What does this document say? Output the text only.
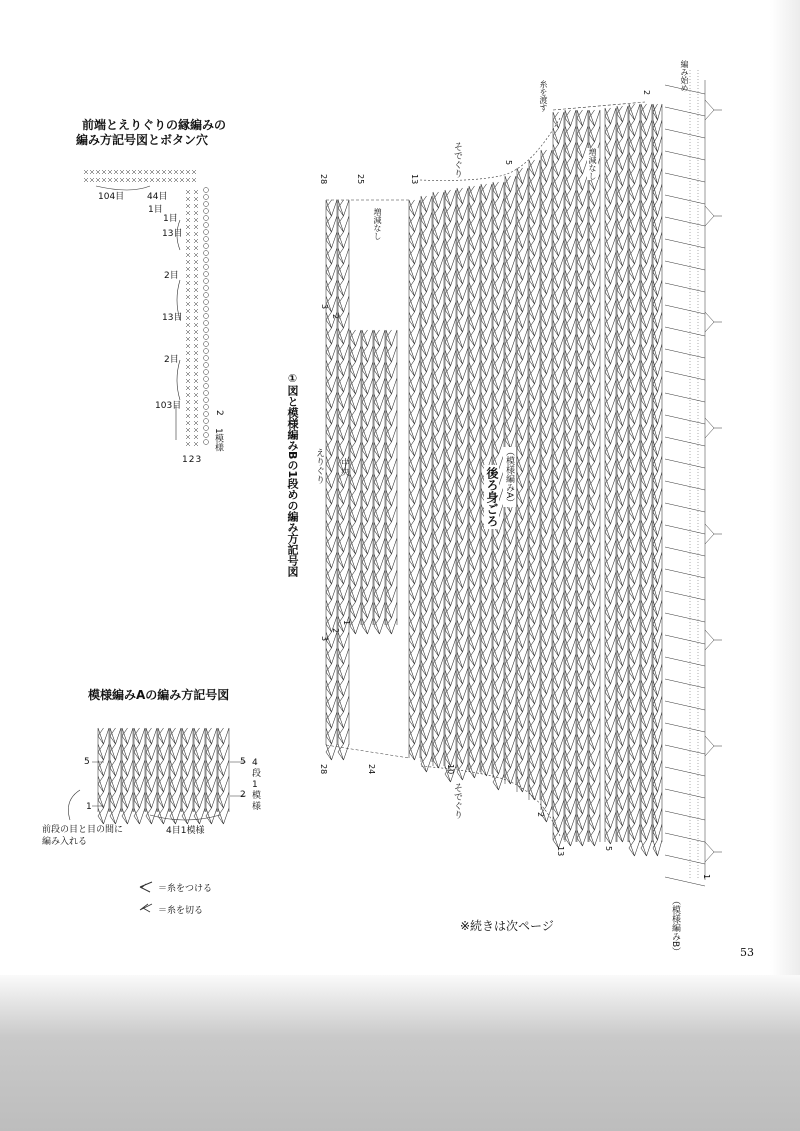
前端とえりぐりの縁編みの
編み方記号図とボタン穴
104目	44目
1目
1目
13目
2目
13目
2目
103目
2
1模様
123
模様編みAの編み方記号図
5	5
2
1
4段1模様
前段の目と目の間に
編み入れる
4目1模様
＝糸をつける
＝糸を切る
①図と模様編みBの1段めの編み方記号図 えりぐり 中央	後ろ身ごろ （模様編みA）
そでぐり
そでぐり
増減なし
増減なし
糸を渡す
編み始め
（模様編みB）
28	25	13
5
2
3
2
3
2
1
28	24	10
2
13	5
1
※続きは次ページ
53
